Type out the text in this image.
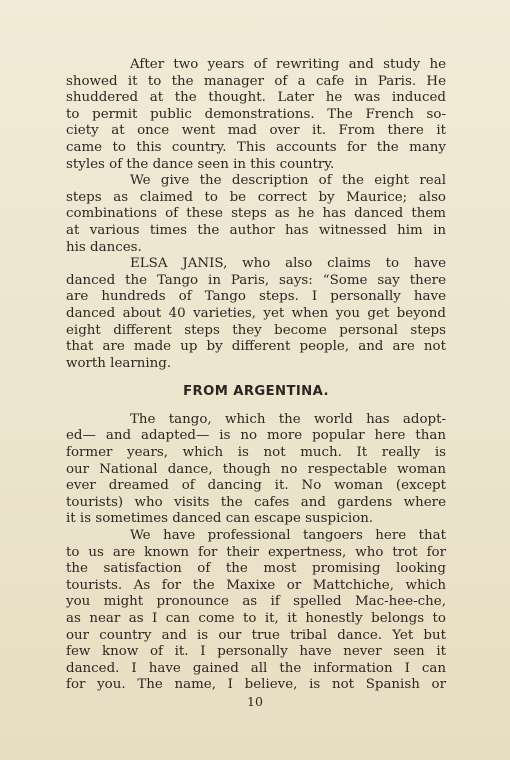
After two years of rewriting and study he
showed it to the manager of a cafe in Paris. He
shuddered at the thought. Later he was induced
to permit public demonstrations. The French so-
ciety at once went mad over it. From there it
came to this country. This accounts for the many
styles of the dance seen in this country.
We give the description of the eight real
steps as claimed to be correct by Maurice; also
combinations of these steps as he has danced them
at various times the author has witnessed him in
his dances.
ELSA JANIS, who also claims to have
danced the Tango in Paris, says: “Some say there
are hundreds of Tango steps. I personally have
danced about 40 varieties, yet when you get beyond
eight different steps they become personal steps
that are made up by different people, and are not
worth learning.
FROM ARGENTINA.
The tango, which the world has adopt-
ed— and adapted— is no more popular here than
former years, which is not much. It really is
our National dance, though no respectable woman
ever dreamed of dancing it. No woman (except
tourists) who visits the cafes and gardens where
it is sometimes danced can escape suspicion.
We have professional tangoers here that
to us are known for their expertness, who trot for
the satisfaction of the most promising looking
tourists. As for the Maxixe or Mattchiche, which
you might pronounce as if spelled Mac-hee-che,
as near as I can come to it, it honestly belongs to
our country and is our true tribal dance. Yet but
few know of it. I personally have never seen it
danced. I have gained all the information I can
for you. The name, I believe, is not Spanish or
10
